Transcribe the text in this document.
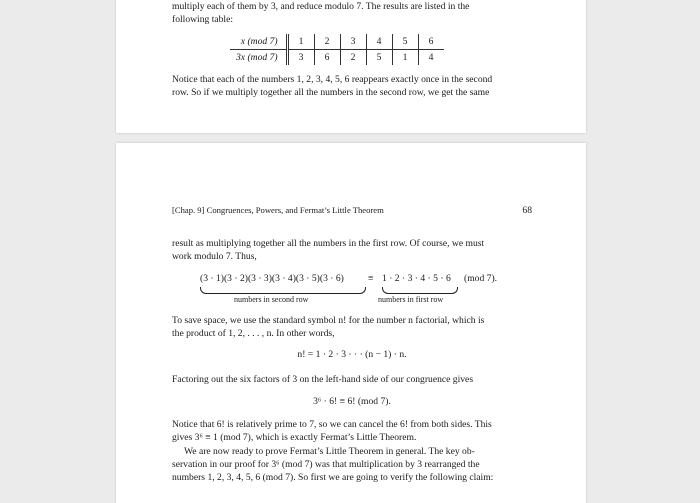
multiply each of them by 3, and reduce modulo 7. The results are listed in the
following table:

x (mod 7)	1	2	3	4	5	6
3x (mod 7)	3	6	2	5	1	4

Notice that each of the numbers 1, 2, 3, 4, 5, 6 reappears exactly once in the second
row. So if we multiply together all the numbers in the second row, we get the same

[Chap. 9] Congruences, Powers, and Fermat’s Little Theorem	68

result as multiplying together all the numbers in the first row. Of course, we must
work modulo 7. Thus,

(3 · 1)(3 · 2)(3 · 3)(3 · 4)(3 · 5)(3 · 6)	≡ 1 · 2 · 3 · 4 · 5 · 6 (mod 7).
numbers in second row	numbers in first row

To save space, we use the standard symbol n! for the number n factorial, which is
the product of 1, 2, . . . , n. In other words,

n! = 1 · 2 · 3 · · · (n − 1) · n.

Factoring out the six factors of 3 on the left-hand side of our congruence gives

3⁶ · 6! ≡ 6! (mod 7).

Notice that 6! is relatively prime to 7, so we can cancel the 6! from both sides. This
gives 3⁶ ≡ 1 (mod 7), which is exactly Fermat’s Little Theorem.

We are now ready to prove Fermat’s Little Theorem in general. The key ob-
servation in our proof for 3⁶ (mod 7) was that multiplication by 3 rearranged the
numbers 1, 2, 3, 4, 5, 6 (mod 7). So first we are going to verify the following claim:
